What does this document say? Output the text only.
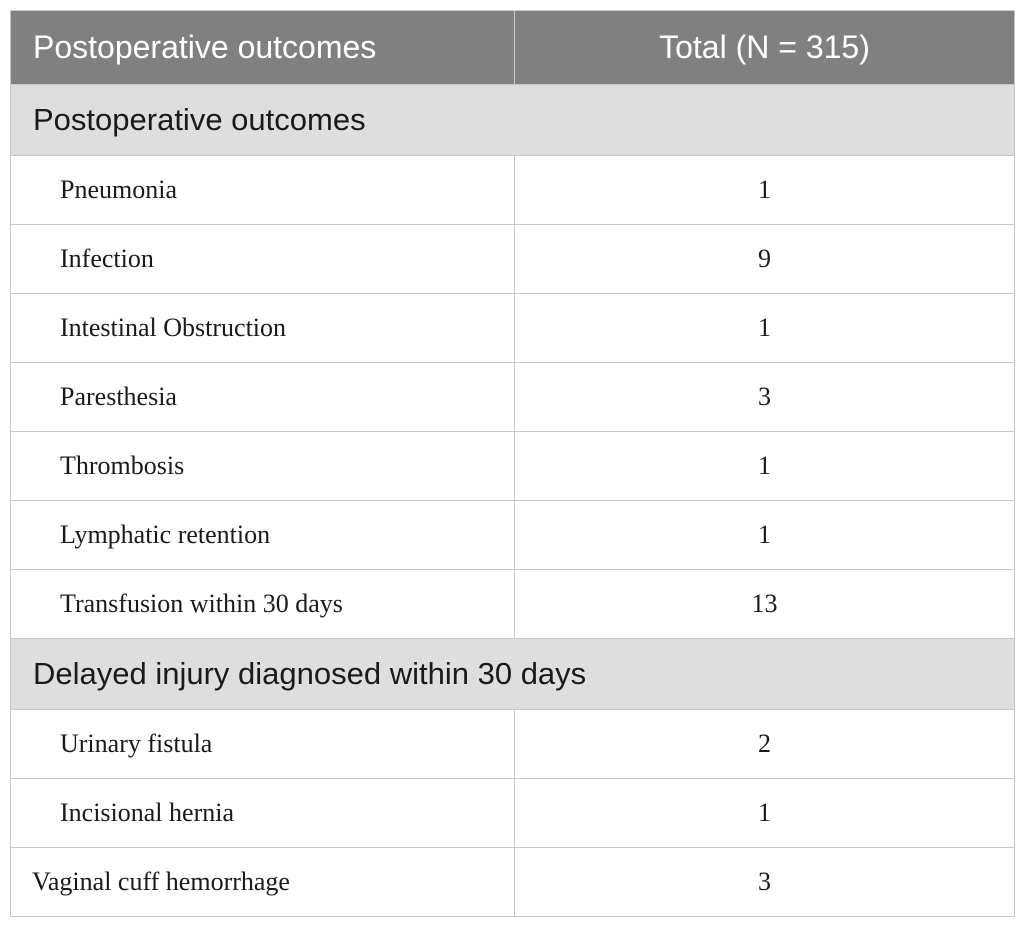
Postoperative outcomes	Total (N = 315)
Postoperative outcomes	
Pneumonia	1
Infection	9
Intestinal Obstruction	1
Paresthesia	3
Thrombosis	1
Lymphatic retention	1
Transfusion within 30 days	13
Delayed injury diagnosed within 30 days	
Urinary fistula	2
Incisional hernia	1
Vaginal cuff hemorrhage	3
